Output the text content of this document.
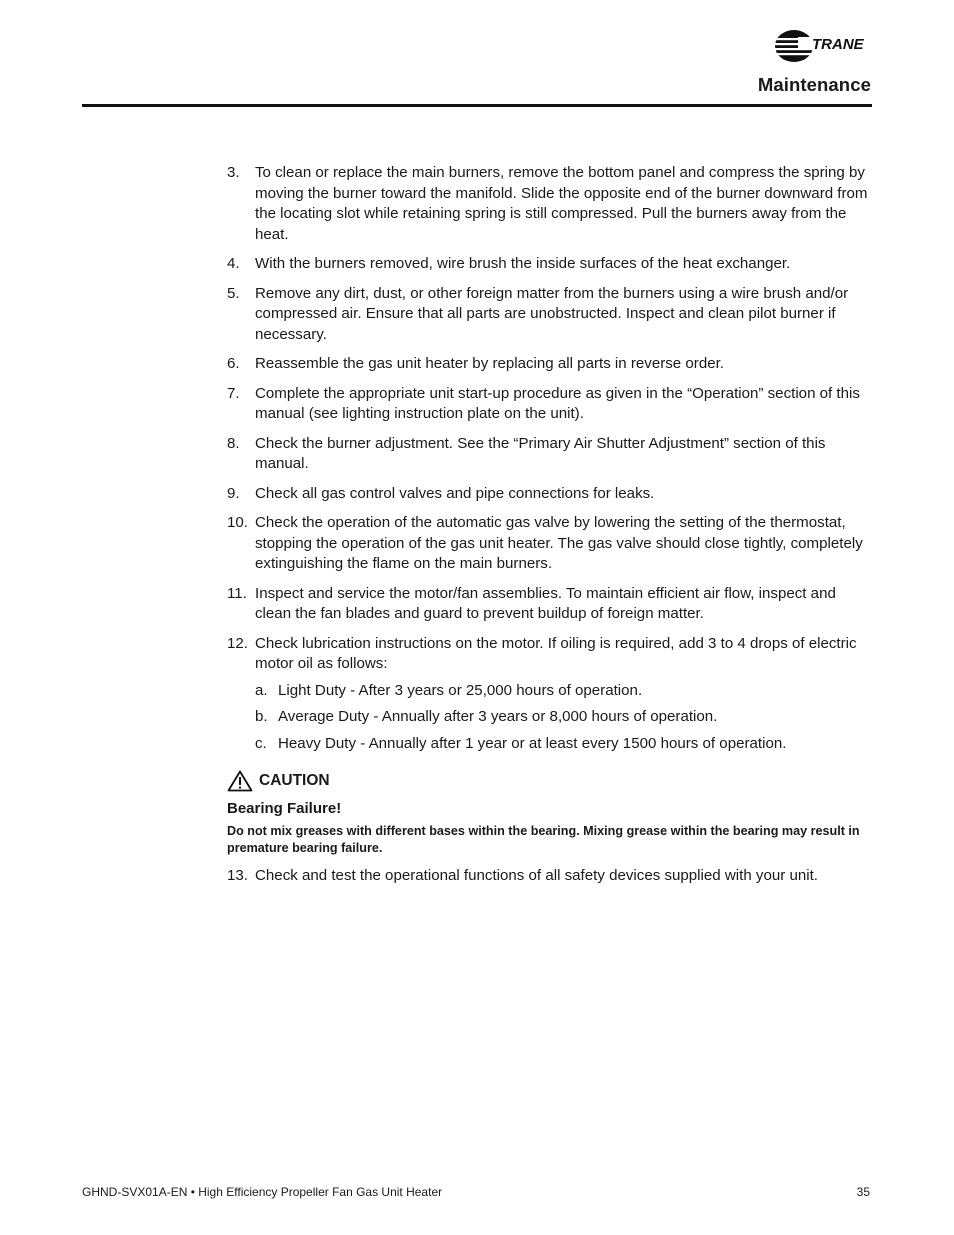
TRANE
Maintenance
3.	To clean or replace the main burners, remove the bottom panel and compress the spring by moving the burner toward the manifold. Slide the opposite end of the burner downward from the locating slot while retaining spring is still compressed. Pull the burners away from the heat.
4.	With the burners removed, wire brush the inside surfaces of the heat exchanger.
5.	Remove any dirt, dust, or other foreign matter from the burners using a wire brush and/or compressed air. Ensure that all parts are unobstructed. Inspect and clean pilot burner if necessary.
6.	Reassemble the gas unit heater by replacing all parts in reverse order.
7.	Complete the appropriate unit start-up procedure as given in the “Operation” section of this manual (see lighting instruction plate on the unit).
8.	Check the burner adjustment. See the “Primary Air Shutter Adjustment” section of this manual.
9.	Check all gas control valves and pipe connections for leaks.
10. Check the operation of the automatic gas valve by lowering the setting of the thermostat, stopping the operation of the gas unit heater. The gas valve should close tightly, completely extinguishing the flame on the main burners.
11. Inspect and service the motor/fan assemblies. To maintain efficient air flow, inspect and clean the fan blades and guard to prevent buildup of foreign matter.
12. Check lubrication instructions on the motor. If oiling is required, add 3 to 4 drops of electric motor oil as follows:
a. Light Duty - After 3 years or 25,000 hours of operation.
b. Average Duty - Annually after 3 years or 8,000 hours of operation.
c. Heavy Duty - Annually after 1 year or at least every 1500 hours of operation.
CAUTION
Bearing Failure!
Do not mix greases with different bases within the bearing. Mixing grease within the bearing may result in premature bearing failure.
13. Check and test the operational functions of all safety devices supplied with your unit.
GHND-SVX01A-EN • High Efficiency Propeller Fan Gas Unit Heater	35
